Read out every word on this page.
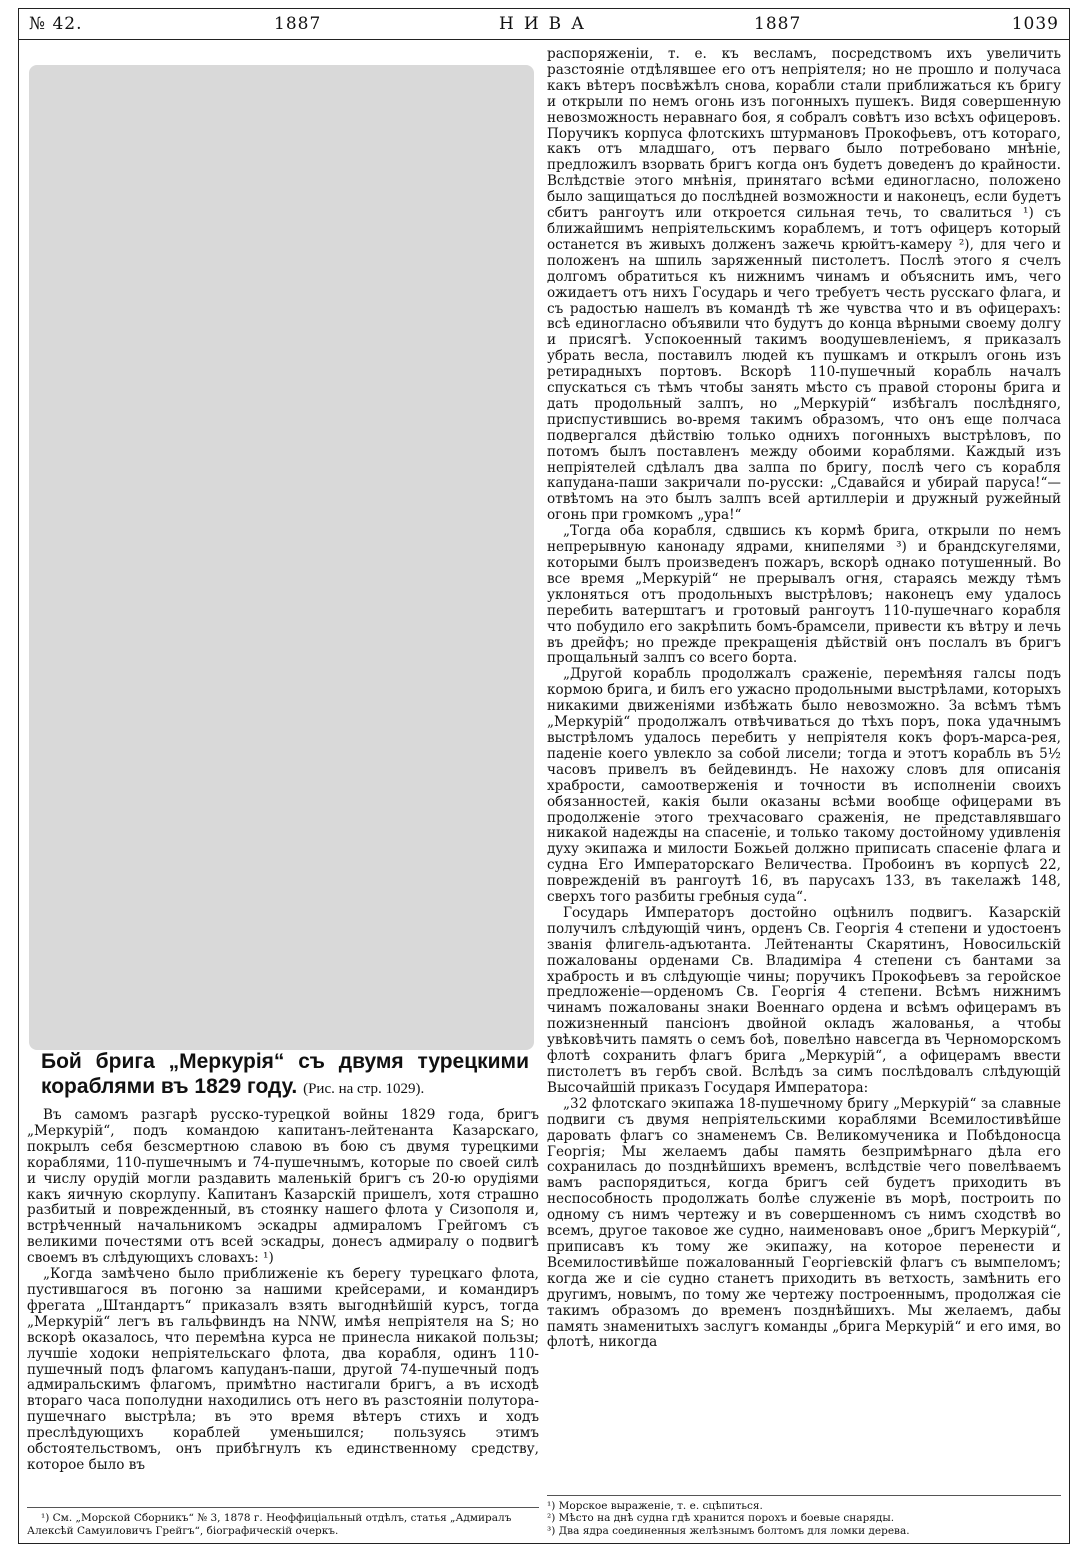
№ 42.	1887	НИВА	1887	1039
Бой брига „Меркурія“ съ двумя турецкими кораблями въ 1829 году. (Рис. на стр. 1029).

Въ самомъ разгарѣ русско-турецкой войны 1829 года, бригъ „Меркурій“, подъ командою капитанъ-лейтенанта Казарскаго, покрылъ себя безсмертною славою въ бою съ двумя турецкими кораблями, 110-пушечнымъ и 74-пушечнымъ, которые по своей силѣ и числу орудій могли раздавить маленькій бригъ съ 20-ю орудіями какъ яичную скорлупу. Капитанъ Казарскій пришелъ, хотя страшно разбитый и поврежденный, въ стоянку нашего флота у Сизополя и, встрѣченный начальникомъ эскадры адмираломъ Грейгомъ съ великими почестями отъ всей эскадры, донесъ адмиралу о подвигѣ своемъ въ слѣдующихъ словахъ: ¹)

„Когда замѣчено было приближеніе къ берегу турецкаго флота, пустившагося въ погоню за нашими крейсерами, и командиръ фрегата „Штандартъ“ приказалъ взять выгоднѣйшій курсъ, тогда „Меркурій“ легъ въ гальфвиндъ на NNW, имѣя непріятеля на S; но вскорѣ оказалось, что перемѣна курса не принесла никакой пользы; лучшіе ходоки непріятельскаго флота, два корабля, одинъ 110-пушечный подъ флагомъ капуданъ-паши, другой 74-пушечный подъ адмиральскимъ флагомъ, примѣтно настигали бригъ, а въ исходѣ втораго часа пополудни находились отъ него въ разстояніи полутора-пушечнаго выстрѣла; въ это время вѣтеръ стихъ и ходъ преслѣдующихъ кораблей уменьшился; пользуясь этимъ обстоятельствомъ, онъ прибѣгнулъ къ единственному средству, которое было въ

¹) См. „Морской Сборникъ“ № 3, 1878 г. Неоффиціальный отдѣлъ, статья „Адмиралъ Алексѣй Самуиловичъ Грейгъ“, біографическій очеркъ.

распоряженіи, т. е. къ весламъ, посредствомъ ихъ увеличить разстояніе отдѣлявшее его отъ непріятеля; но не прошло и получаса какъ вѣтеръ посвѣжѣлъ снова, корабли стали приближаться къ бригу и открыли по немъ огонь изъ погонныхъ пушекъ. Видя совершенную невозможность неравнаго боя, я собралъ совѣтъ изо всѣхъ офицеровъ. Поручикъ корпуса флотскихъ штурмановъ Прокофьевъ, отъ котораго, какъ отъ младшаго, отъ перваго было потребовано мнѣніе, предложилъ взорвать бригъ когда онъ будетъ доведенъ до крайности. Вслѣдствіе этого мнѣнія, принятаго всѣми единогласно, положено было защищаться до послѣдней возможности и наконецъ, если будетъ сбитъ рангоутъ или откроется сильная течь, то свалиться ¹) съ ближайшимъ непріятельскимъ кораблемъ, и тотъ офицеръ который останется въ живыхъ долженъ зажечь крюйтъ-камеру ²), для чего и положенъ на шпиль заряженный пистолетъ. Послѣ этого я счелъ долгомъ обратиться къ нижнимъ чинамъ и объяснить имъ, чего ожидаетъ отъ нихъ Государь и чего требуетъ честь русскаго флага, и съ радостью нашелъ въ командѣ тѣ же чувства что и въ офицерахъ: всѣ единогласно объявили что будутъ до конца вѣрными своему долгу и присягѣ. Успокоенный такимъ воодушевленіемъ, я приказалъ убрать весла, поставилъ людей къ пушкамъ и открылъ огонь изъ ретирадныхъ портовъ. Вскорѣ 110-пушечный корабль началъ спускаться съ тѣмъ чтобы занять мѣсто съ правой стороны брига и дать продольный залпъ, но „Меркурій“ избѣгалъ послѣдняго, приспустившись во-время такимъ образомъ, что онъ еще полчаса подвергался дѣйствію только однихъ погонныхъ выстрѣловъ, по потомъ былъ поставленъ между обоими кораблями. Каждый изъ непріятелей сдѣлалъ два залпа по бригу, послѣ чего съ корабля капудана-паши закричали по-русски: „Сдавайся и убирай паруса!“—отвѣтомъ на это былъ залпъ всей артиллеріи и дружный ружейный огонь при громкомъ „ура!“

„Тогда оба корабля, сдвшись къ кормѣ брига, открыли по немъ непрерывную канонаду ядрами, книпелями ³) и брандскугелями, которыми былъ произведенъ пожаръ, вскорѣ однако потушенный. Во все время „Меркурій“ не прерывалъ огня, стараясь между тѣмъ уклоняться отъ продольныхъ выстрѣловъ; наконецъ ему удалось перебить ватерштагъ и гротовый рангоутъ 110-пушечнаго корабля что побудило его закрѣпить бомъ-брамсели, привести къ вѣтру и лечь въ дрейфъ; но прежде прекращенія дѣйствій онъ послалъ въ бригъ прощальный залпъ со всего борта.

„Другой корабль продолжалъ сраженіе, перемѣняя галсы подъ кормою брига, и билъ его ужасно продольными выстрѣлами, которыхъ никакими движеніями избѣжать было невозможно. За всѣмъ тѣмъ „Меркурій“ продолжалъ отвѣчиваться до тѣхъ поръ, пока удачнымъ выстрѣломъ удалось перебить у непріятеля кокъ форъ-марса-рея, паденіе коего увлекло за собой лисели; тогда и этотъ корабль въ 5½ часовъ привелъ въ бейдевиндъ. Не нахожу словъ для описанія храбрости, самоотверженія и точности въ исполненіи своихъ обязанностей, какія были оказаны всѣми вообще офицерами въ продолженіе этого трехчасоваго сраженія, не представлявшаго никакой надежды на спасеніе, и только такому достойному удивленія духу экипажа и милости Божьей должно приписать спасеніе флага и судна Его Императорскаго Величества. Пробоинъ въ корпусѣ 22, поврежденій въ рангоутѣ 16, въ парусахъ 133, въ такелажѣ 148, сверхъ того разбиты гребныя суда“.

Государь Императоръ достойно оцѣнилъ подвигъ. Казарскій получилъ слѣдующій чинъ, орденъ Св. Георгія 4 степени и удостоенъ званія флигель-адъютанта. Лейтенанты Скарятинъ, Новосильскій пожалованы орденами Св. Владиміра 4 степени съ бантами за храбрость и въ слѣдующіе чины; поручикъ Прокофьевъ за геройское предложеніе—орденомъ Св. Георгія 4 степени. Всѣмъ нижнимъ чинамъ пожалованы знаки Военнаго ордена и всѣмъ офицерамъ въ пожизненный пансіонъ двойной окладъ жалованья, а чтобы увѣковѣчить память о семъ боѣ, повелѣно навсегда въ Черноморскомъ флотѣ сохранить флагъ брига „Меркурій“, а офицерамъ ввести пистолетъ въ гербъ свой. Вслѣдъ за симъ послѣдовалъ слѣдующій Высочайшій приказъ Государя Императора:

„32 флотскаго экипажа 18-пушечному бригу „Меркурій“ за славные подвиги съ двумя непріятельскими кораблями Всемилостивѣйше даровать флагъ со знаменемъ Св. Великомученика и Побѣдоносца Георгія; Мы желаемъ дабы память безпримѣрнаго дѣла его сохранилась до позднѣйшихъ временъ, вслѣдствіе чего повелѣваемъ вамъ распорядиться, когда бригъ сей будетъ приходить въ неспособность продолжать болѣе служеніе въ морѣ, построить по одному съ нимъ чертежу и въ совершенномъ съ нимъ сходствѣ во всемъ, другое таковое же судно, наименовавъ оное „бригъ Меркурій“, приписавъ къ тому же экипажу, на которое перенести и Всемилостивѣйше пожалованный Георгіевскій флагъ съ вымпеломъ; когда же и сіе судно станетъ приходить въ ветхость, замѣнить его другимъ, новымъ, по тому же чертежу построеннымъ, продолжая сіе такимъ образомъ до временъ позднѣйшихъ. Мы желаемъ, дабы память знаменитыхъ заслугъ команды „брига Меркурій“ и его имя, во флотѣ, никогда

¹) Морское выраженіе, т. е. сцѣпиться.
²) Мѣсто на днѣ судна гдѣ хранится порохъ и боевые снаряды.
³) Два ядра соединенныя желѣзнымъ болтомъ для ломки дерева.
